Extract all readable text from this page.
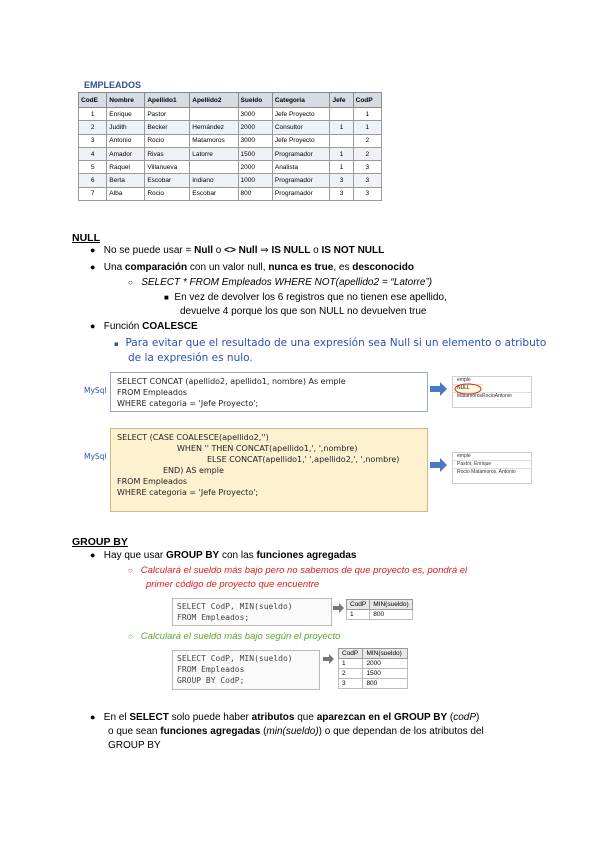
EMPLEADOS
CodE	Nombre	Apellido1	Apellido2	Sueldo	Categoria	Jefe	CodP
1	Enrique	Pastor		3000	Jefe Proyecto		1
2	Judith	Becker	Hernández	2000	Consultor	1	1
3	Antonio	Rocio	Matamoros	3000	Jefe Proyecto		2
4	Amador	Rivas	Latorre	1500	Programador	1	2
5	Raquel	Villanueva		2000	Analista	1	3
6	Berta	Escobar	Indiano	1000	Programador	3	3
7	Alba	Rocio	Escobar	800	Programador	3	3
NULL
● No se puede usar = Null o <> Null ⇒ IS NULL o IS NOT NULL
● Una comparación con un valor null, nunca es true, es desconocido
○ SELECT * FROM Empleados WHERE NOT(apellido2 = “Latorre”)
■ En vez de devolver los 6 registros que no tienen ese apellido,
devuelve 4 porque los que son NULL no devuelven true
● Función COALESCE
▪ Para evitar que el resultado de una expresión sea Null si un elemento o atributo
de la expresión es nulo.
MySql
SELECT CONCAT (apellido2, apellido1, nombre) As emple
FROM Empleados
WHERE categoria = 'Jefe Proyecto';
emple
NULL
MatamorosRocioAntonio
MySql
SELECT (CASE COALESCE(apellido2,'')
WHEN '' THEN CONCAT(apellido1,', ',nombre)
ELSE CONCAT(apellido1,' ',apellido2,', ',nombre)
END) AS emple
FROM Empleados
WHERE categoria = 'Jefe Proyecto';
emple
Pastor, Enrique
Rocio Matamoros, Antonio
GROUP BY
● Hay que usar GROUP BY con las funciones agregadas
○ Calculará el sueldo más bajo pero no sabemos de que proyecto es, pondrá el
primer código de proyecto que encuentre
SELECT CodP, MIN(sueldo)
FROM Empleados;
CodP	MIN(sueldo)
1	800
○ Calculará el sueldo más bajo según el proyecto
SELECT CodP, MIN(sueldo)
FROM Empleados
GROUP BY CodP;
CodP	MIN(sueldo)
1	2000
2	1500
3	800
● En el SELECT solo puede haber atributos que aparezcan en el GROUP BY (codP)
o que sean funciones agregadas (min(sueldo)) o que dependan de los atributos del
GROUP BY
